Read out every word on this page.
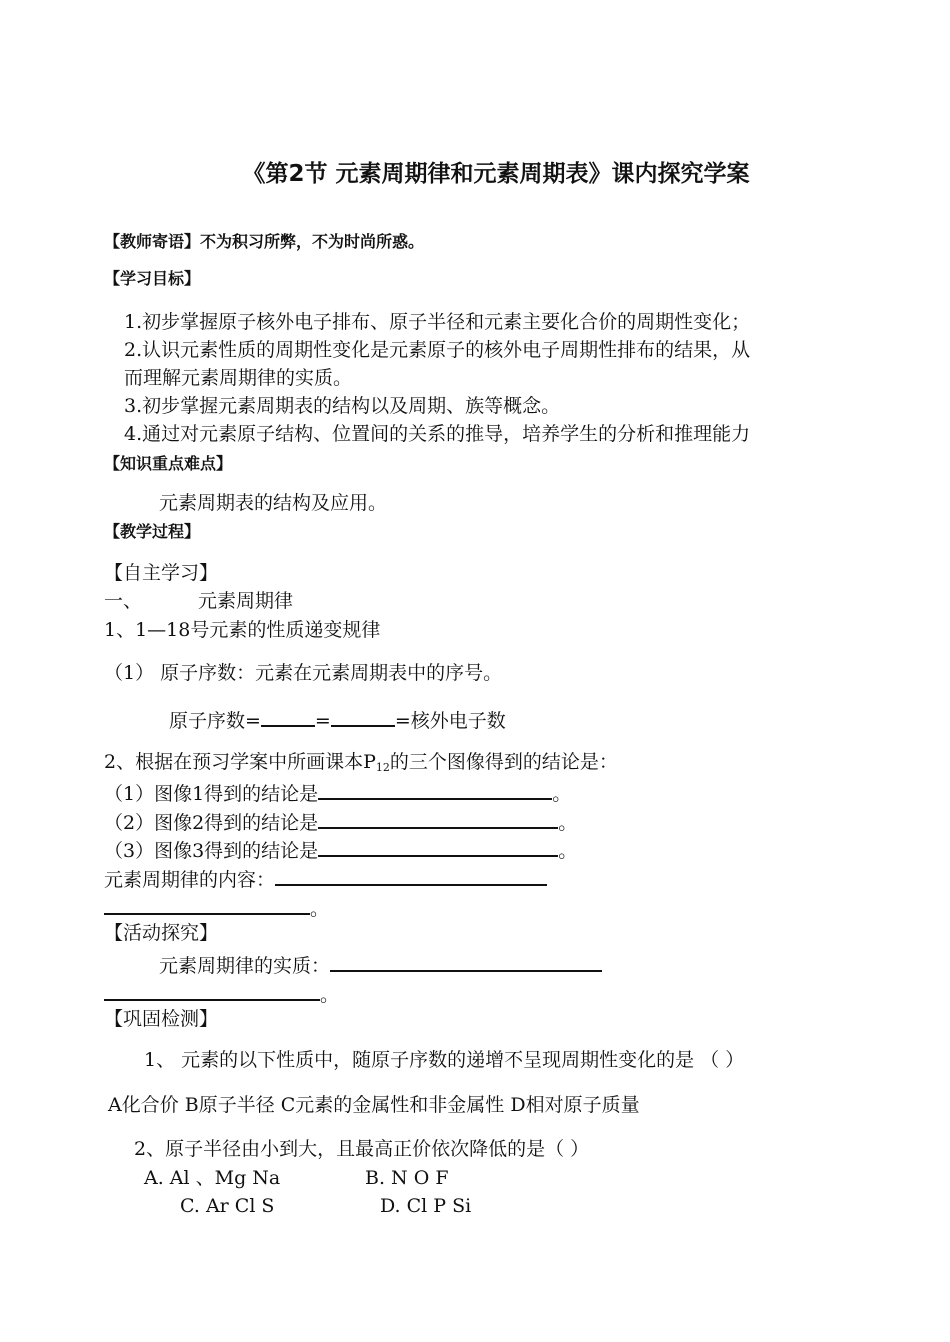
《第2节 元素周期律和元素周期表》课内探究学案
【教师寄语】不为积习所弊，不为时尚所惑。
【学习目标】
1.初步掌握原子核外电子排布、原子半径和元素主要化合价的周期性变化；
2.认识元素性质的周期性变化是元素原子的核外电子周期性排布的结果，从
而理解元素周期律的实质。
3.初步掌握元素周期表的结构以及周期、族等概念。
4.通过对元素原子结构、位置间的关系的推导，培养学生的分析和推理能力
【知识重点难点】
元素周期表的结构及应用。
【教学过程】
【自主学习】
一、	元素周期律
1、1—18号元素的性质递变规律
（1） 原子序数：元素在元素周期表中的序号。
原子序数=	=	=核外电子数
2、根据在预习学案中所画课本$P_{12}$的三个图像得到的结论是：
（1）图像1得到的结论是	。
（2）图像2得到的结论是	。
（3）图像3得到的结论是	。
元素周期律的内容：
。
【活动探究】
元素周期律的实质：
。
【巩固检测】
1、 元素的以下性质中，随原子序数的递增不呈现周期性变化的是 （ ）
A化合价 B原子半径 C元素的金属性和非金属性 D相对原子质量
2、原子半径由小到大，且最高正价依次降低的是（ ）
A. Al 、Mg Na	B. N O F
C. Ar Cl S	D. Cl P Si
